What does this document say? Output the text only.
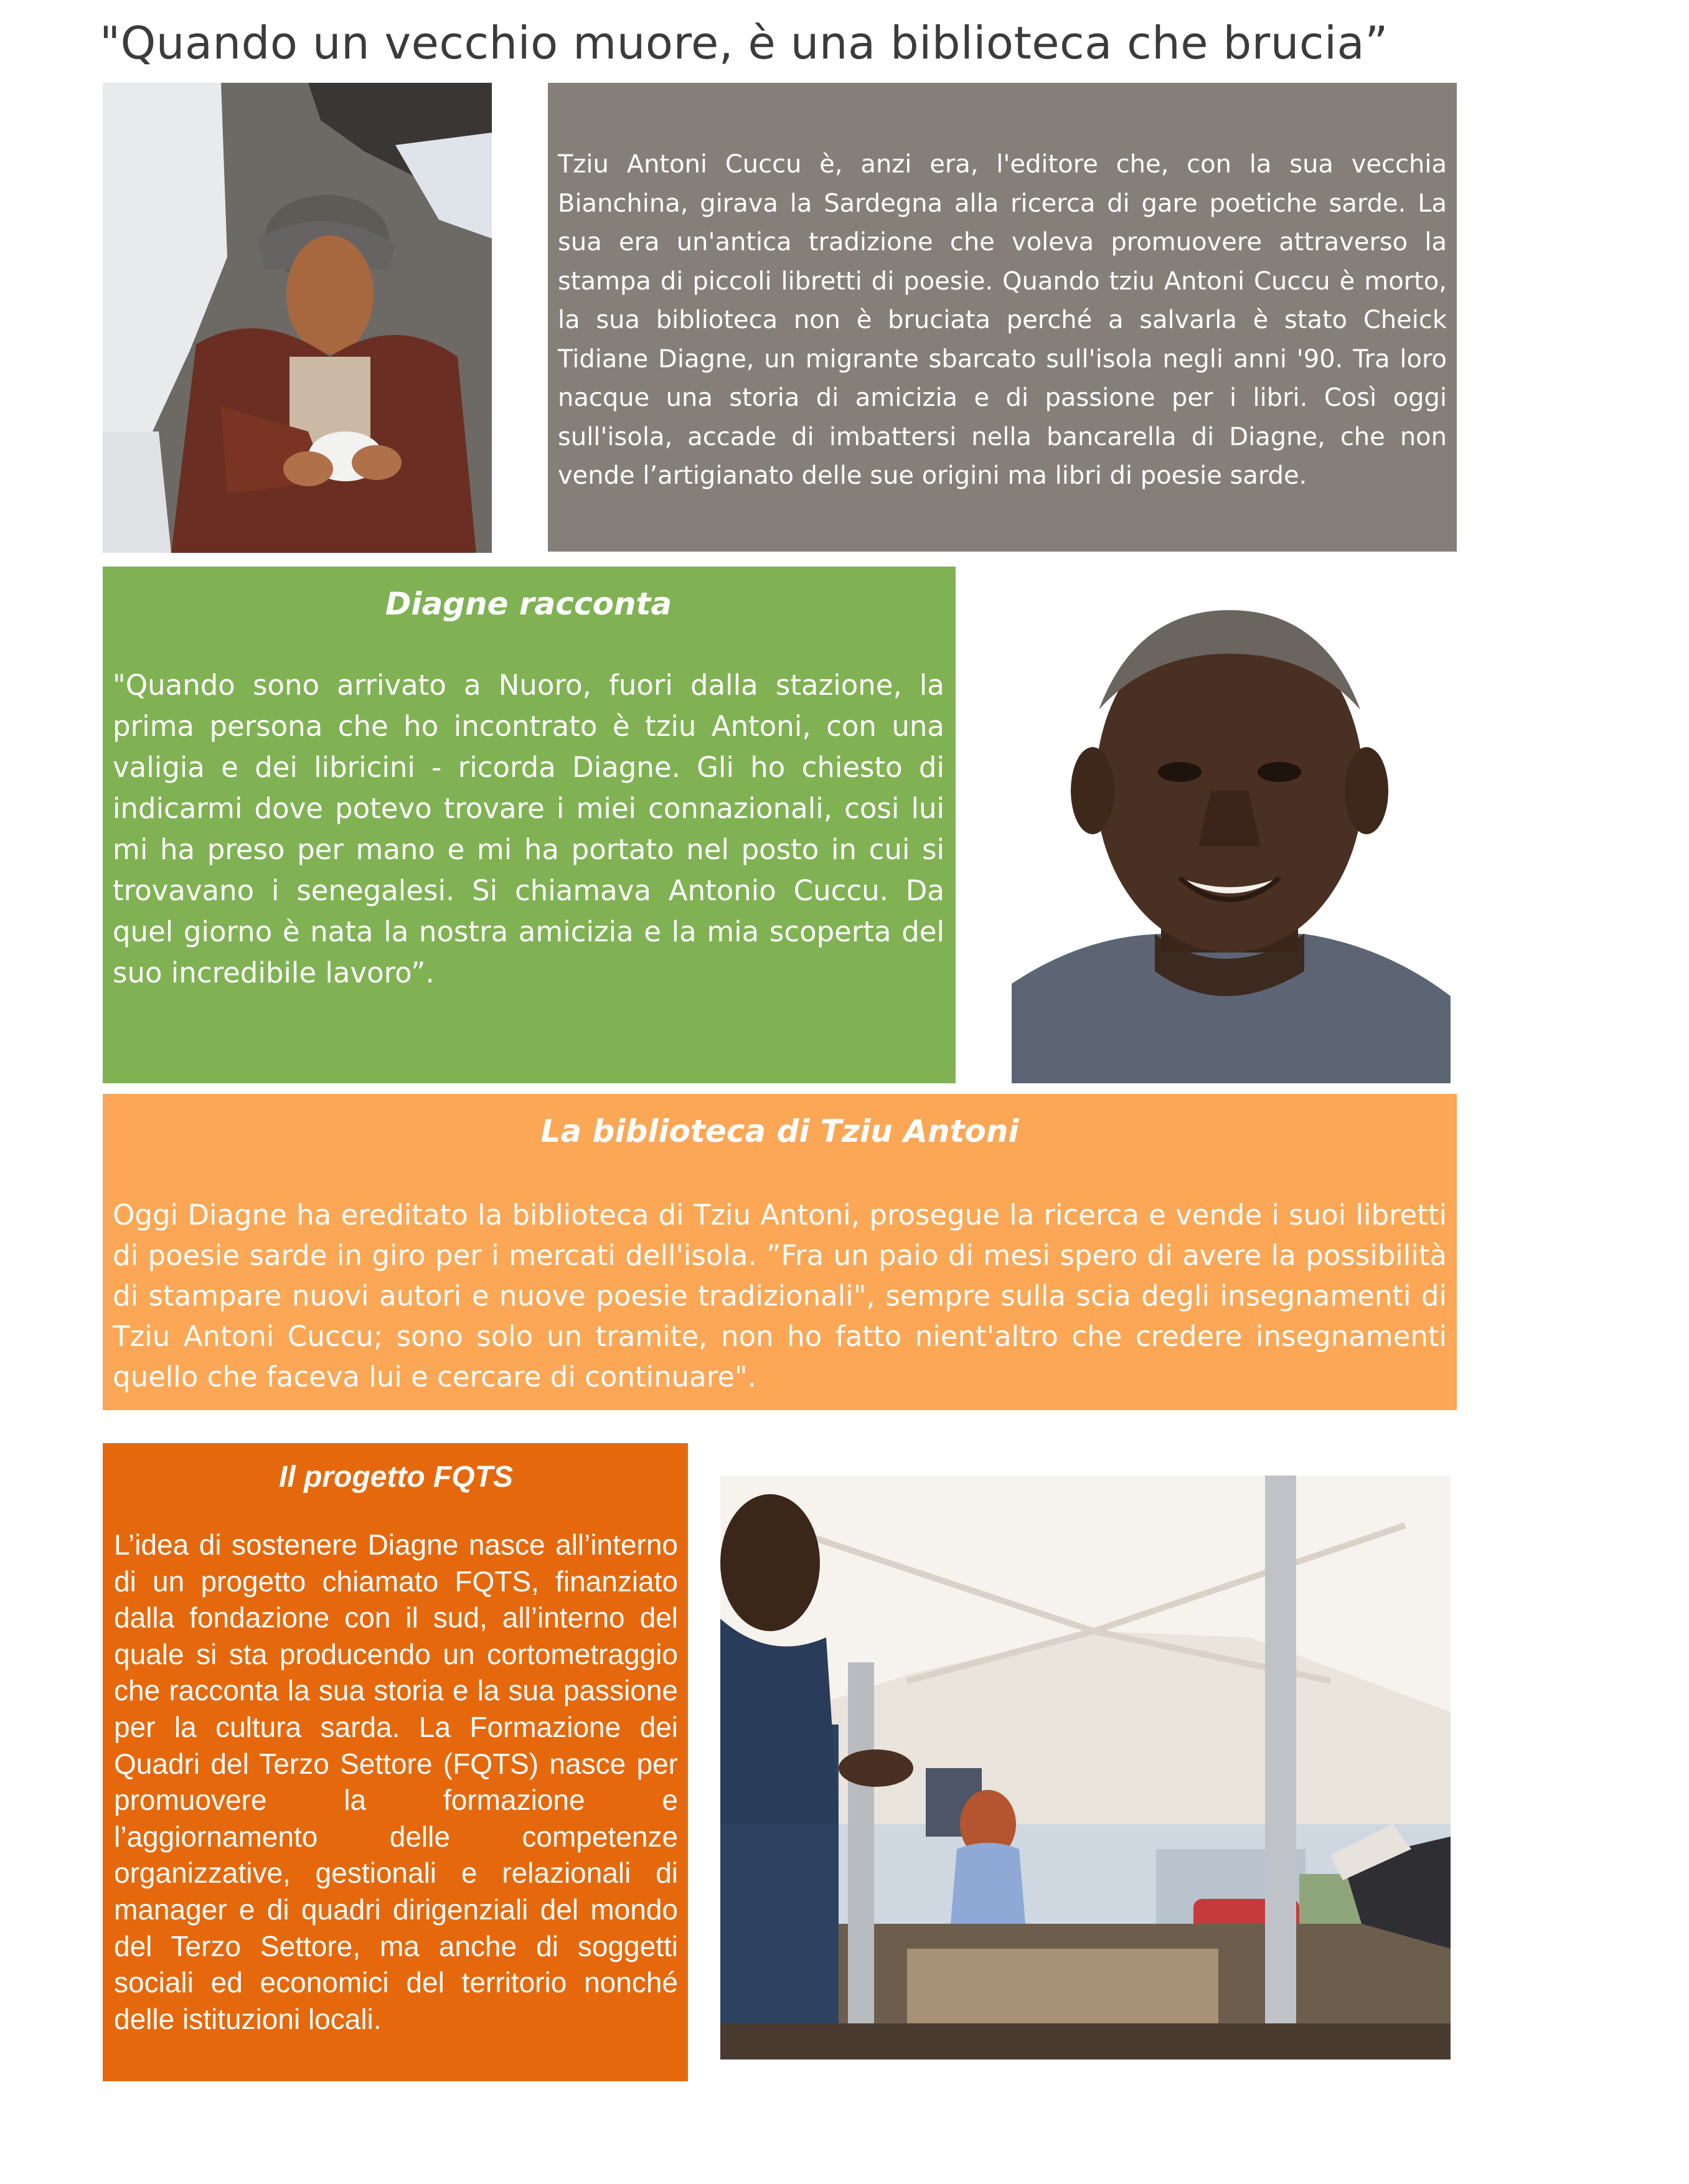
"Quando un vecchio muore, è una biblioteca che brucia”

Tziu Antoni Cuccu è, anzi era, l'editore che, con la sua vecchia Bianchina, girava la Sardegna alla ricerca di gare poetiche sarde. La sua era un'antica tradizione che voleva promuovere attraverso la stampa di piccoli libretti di poesie. Quando tziu Antoni Cuccu è morto, la sua biblioteca non è bruciata perché a salvarla è stato Cheick Tidiane Diagne, un migrante sbarcato sull'isola negli anni '90. Tra loro nacque una storia di amicizia e di passione per i libri. Così oggi sull'isola, accade di imbattersi nella bancarella di Diagne, che non vende l’artigianato delle sue origini ma libri di poesie sarde.

Diagne racconta

"Quando sono arrivato a Nuoro, fuori dalla stazione, la prima persona che ho incontrato è tziu Antoni, con una valigia e dei libricini - ricorda Diagne. Gli ho chiesto di indicarmi dove potevo trovare i miei connazionali, cosi lui mi ha preso per mano e mi ha portato nel posto in cui si trovavano i senegalesi. Si chiamava Antonio Cuccu. Da quel giorno è nata la nostra amicizia e la mia scoperta del suo incredibile lavoro”.

La biblioteca di Tziu Antoni

Oggi Diagne ha ereditato la biblioteca di Tziu Antoni, prosegue la ricerca e vende i suoi libretti di poesie sarde in giro per i mercati dell'isola. ”Fra un paio di mesi spero di avere la possibilità di stampare nuovi autori e nuove poesie tradizionali", sempre sulla scia degli insegnamenti di Tziu Antoni Cuccu; sono solo un tramite, non ho fatto nient'altro che credere insegnamenti quello che faceva lui e cercare di continuare".

Il progetto FQTS

L’idea di sostenere Diagne nasce all’interno di un progetto chiamato FQTS, finanziato dalla fondazione con il sud, all’interno del quale si sta producendo un cortometraggio che racconta la sua storia e la sua passione per la cultura sarda. La Formazione dei Quadri del Terzo Settore (FQTS) nasce per promuovere la formazione e l’aggiornamento delle competenze organizzative, gestionali e relazionali di manager e di quadri dirigenziali del mondo del Terzo Settore, ma anche di soggetti sociali ed economici del territorio nonché delle istituzioni locali.
